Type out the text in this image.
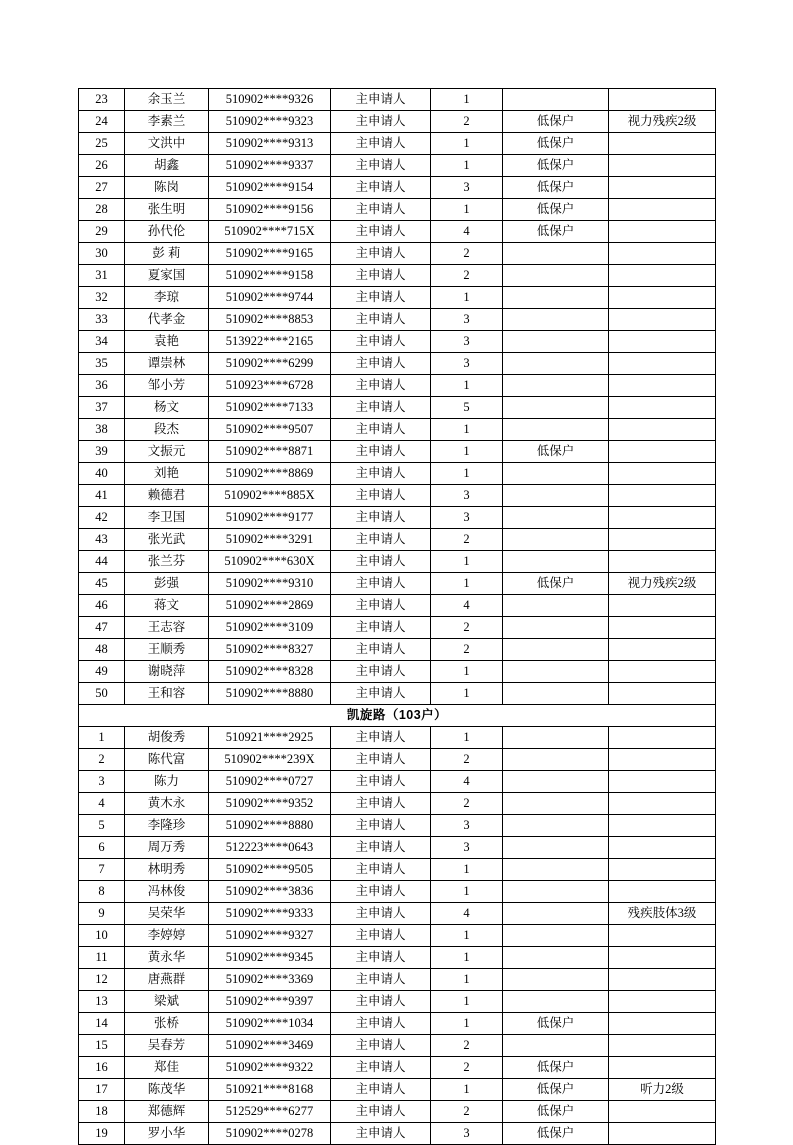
23	余玉兰	510902****9326	主申请人	1		
24	李素兰	510902****9323	主申请人	2	低保户	视力残疾2级
25	文洪中	510902****9313	主申请人	1	低保户	
26	胡鑫	510902****9337	主申请人	1	低保户	
27	陈岗	510902****9154	主申请人	3	低保户	
28	张生明	510902****9156	主申请人	1	低保户	
29	孙代伦	510902****715X	主申请人	4	低保户	
30	彭 莉	510902****9165	主申请人	2		
31	夏家国	510902****9158	主申请人	2		
32	李琼	510902****9744	主申请人	1		
33	代孝金	510902****8853	主申请人	3		
34	袁艳	513922****2165	主申请人	3		
35	谭崇林	510902****6299	主申请人	3		
36	邹小芳	510923****6728	主申请人	1		
37	杨文	510902****7133	主申请人	5		
38	段杰	510902****9507	主申请人	1		
39	文振元	510902****8871	主申请人	1	低保户	
40	刘艳	510902****8869	主申请人	1		
41	赖德君	510902****885X	主申请人	3		
42	李卫国	510902****9177	主申请人	3		
43	张光武	510902****3291	主申请人	2		
44	张兰芬	510902****630X	主申请人	1		
45	彭强	510902****9310	主申请人	1	低保户	视力残疾2级
46	蒋文	510902****2869	主申请人	4		
47	王志容	510902****3109	主申请人	2		
48	王顺秀	510902****8327	主申请人	2		
49	谢晓萍	510902****8328	主申请人	1		
50	王和容	510902****8880	主申请人	1		
凯旋路（103户）						
1	胡俊秀	510921****2925	主申请人	1		
2	陈代富	510902****239X	主申请人	2		
3	陈力	510902****0727	主申请人	4		
4	黄木永	510902****9352	主申请人	2		
5	李隆珍	510902****8880	主申请人	3		
6	周万秀	512223****0643	主申请人	3		
7	林明秀	510902****9505	主申请人	1		
8	冯林俊	510902****3836	主申请人	1		
9	吴荣华	510902****9333	主申请人	4		残疾肢体3级
10	李婷婷	510902****9327	主申请人	1		
11	黄永华	510902****9345	主申请人	1		
12	唐燕群	510902****3369	主申请人	1		
13	梁斌	510902****9397	主申请人	1		
14	张桥	510902****1034	主申请人	1	低保户	
15	吴春芳	510902****3469	主申请人	2		
16	郑佳	510902****9322	主申请人	2	低保户	
17	陈茂华	510921****8168	主申请人	1	低保户	听力2级
18	郑德辉	512529****6277	主申请人	2	低保户	
19	罗小华	510902****0278	主申请人	3	低保户	
